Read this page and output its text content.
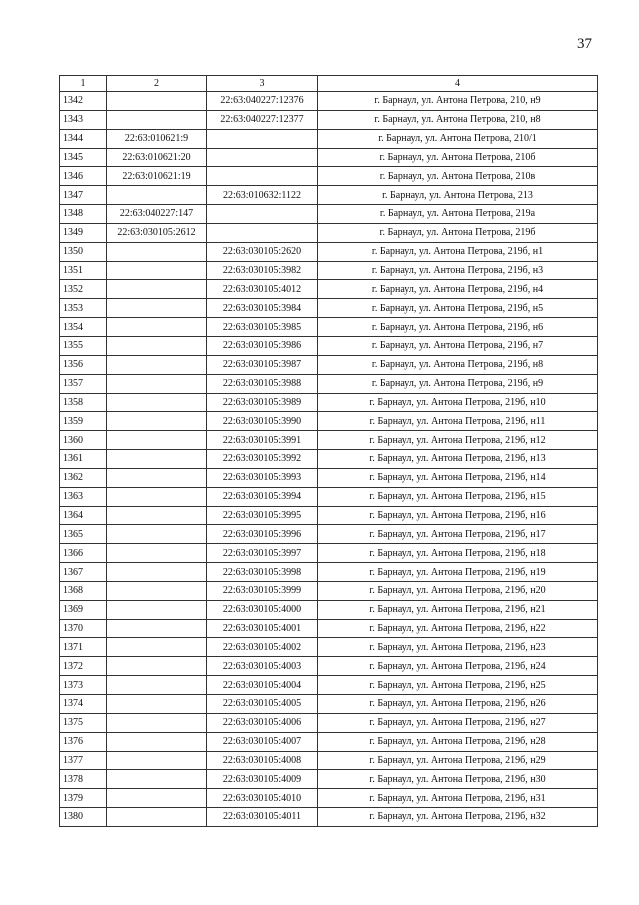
37
1	2	3	4
1342		22:63:040227:12376	г. Барнаул, ул. Антона Петрова, 210, н9
1343		22:63:040227:12377	г. Барнаул, ул. Антона Петрова, 210, н8
1344	22:63:010621:9		г. Барнаул, ул. Антона Петрова, 210/1
1345	22:63:010621:20		г. Барнаул, ул. Антона Петрова, 210б
1346	22:63:010621:19		г. Барнаул, ул. Антона Петрова, 210в
1347		22:63:010632:1122	г. Барнаул, ул. Антона Петрова, 213
1348	22:63:040227:147		г. Барнаул, ул. Антона Петрова, 219а
1349	22:63:030105:2612		г. Барнаул, ул. Антона Петрова, 219б
1350		22:63:030105:2620	г. Барнаул, ул. Антона Петрова, 219б, н1
1351		22:63:030105:3982	г. Барнаул, ул. Антона Петрова, 219б, н3
1352		22:63:030105:4012	г. Барнаул, ул. Антона Петрова, 219б, н4
1353		22:63:030105:3984	г. Барнаул, ул. Антона Петрова, 219б, н5
1354		22:63:030105:3985	г. Барнаул, ул. Антона Петрова, 219б, н6
1355		22:63:030105:3986	г. Барнаул, ул. Антона Петрова, 219б, н7
1356		22:63:030105:3987	г. Барнаул, ул. Антона Петрова, 219б, н8
1357		22:63:030105:3988	г. Барнаул, ул. Антона Петрова, 219б, н9
1358		22:63:030105:3989	г. Барнаул, ул. Антона Петрова, 219б, н10
1359		22:63:030105:3990	г. Барнаул, ул. Антона Петрова, 219б, н11
1360		22:63:030105:3991	г. Барнаул, ул. Антона Петрова, 219б, н12
1361		22:63:030105:3992	г. Барнаул, ул. Антона Петрова, 219б, н13
1362		22:63:030105:3993	г. Барнаул, ул. Антона Петрова, 219б, н14
1363		22:63:030105:3994	г. Барнаул, ул. Антона Петрова, 219б, н15
1364		22:63:030105:3995	г. Барнаул, ул. Антона Петрова, 219б, н16
1365		22:63:030105:3996	г. Барнаул, ул. Антона Петрова, 219б, н17
1366		22:63:030105:3997	г. Барнаул, ул. Антона Петрова, 219б, н18
1367		22:63:030105:3998	г. Барнаул, ул. Антона Петрова, 219б, н19
1368		22:63:030105:3999	г. Барнаул, ул. Антона Петрова, 219б, н20
1369		22:63:030105:4000	г. Барнаул, ул. Антона Петрова, 219б, н21
1370		22:63:030105:4001	г. Барнаул, ул. Антона Петрова, 219б, н22
1371		22:63:030105:4002	г. Барнаул, ул. Антона Петрова, 219б, н23
1372		22:63:030105:4003	г. Барнаул, ул. Антона Петрова, 219б, н24
1373		22:63:030105:4004	г. Барнаул, ул. Антона Петрова, 219б, н25
1374		22:63:030105:4005	г. Барнаул, ул. Антона Петрова, 219б, н26
1375		22:63:030105:4006	г. Барнаул, ул. Антона Петрова, 219б, н27
1376		22:63:030105:4007	г. Барнаул, ул. Антона Петрова, 219б, н28
1377		22:63:030105:4008	г. Барнаул, ул. Антона Петрова, 219б, н29
1378		22:63:030105:4009	г. Барнаул, ул. Антона Петрова, 219б, н30
1379		22:63:030105:4010	г. Барнаул, ул. Антона Петрова, 219б, н31
1380		22:63:030105:4011	г. Барнаул, ул. Антона Петрова, 219б, н32
